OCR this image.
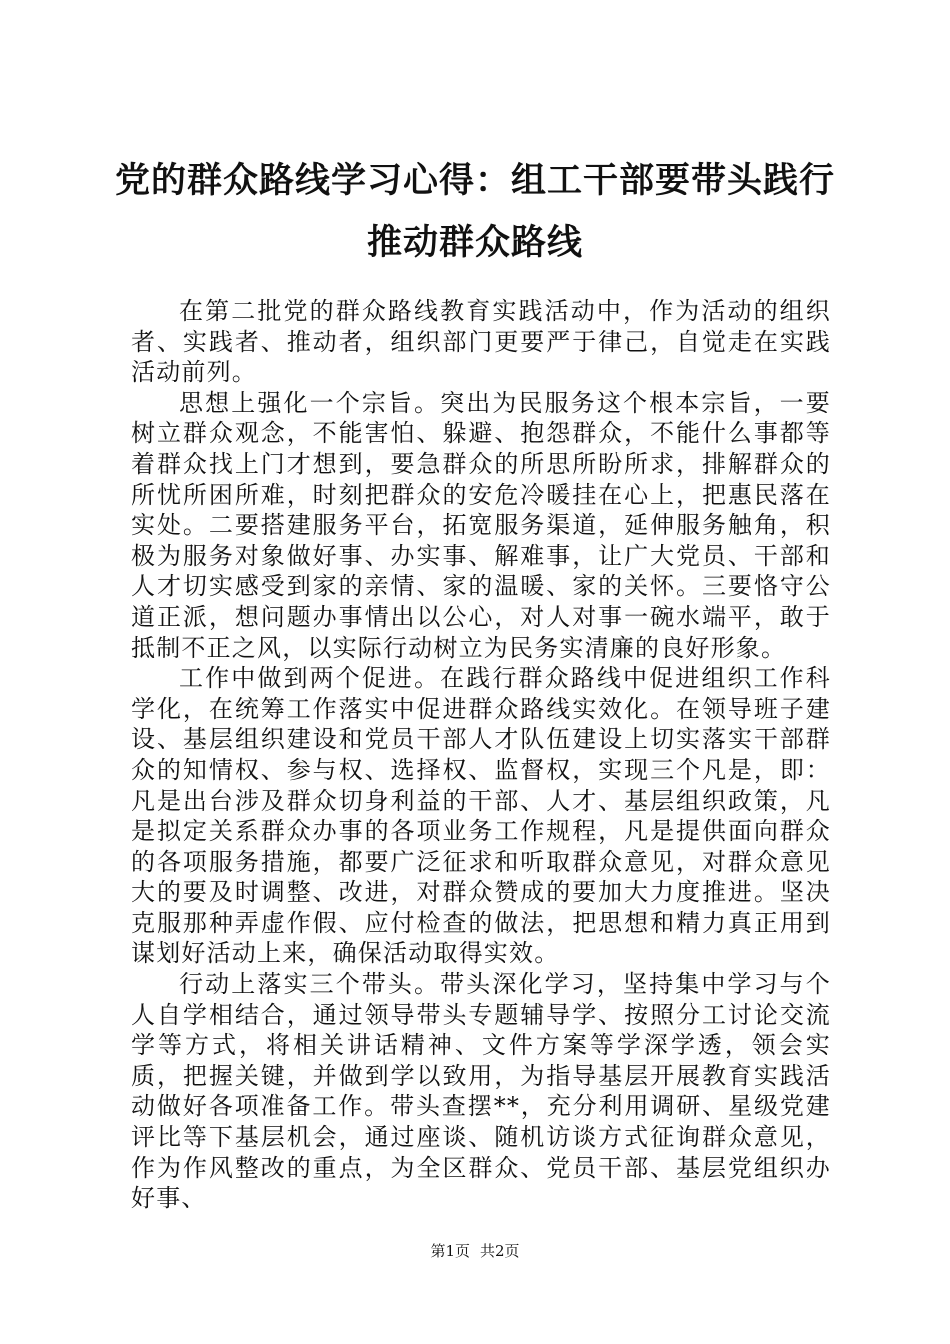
党的群众路线学习心得：组工干部要带头践行
推动群众路线

在第二批党的群众路线教育实践活动中，作为活动的组织者、实践者、推动者，组织部门更要严于律己，自觉走在实践活动前列。

思想上强化一个宗旨。突出为民服务这个根本宗旨，一要树立群众观念，不能害怕、躲避、抱怨群众，不能什么事都等着群众找上门才想到，要急群众的所思所盼所求，排解群众的所忧所困所难，时刻把群众的安危冷暖挂在心上，把惠民落在实处。二要搭建服务平台，拓宽服务渠道，延伸服务触角，积极为服务对象做好事、办实事、解难事，让广大党员、干部和人才切实感受到家的亲情、家的温暖、家的关怀。三要恪守公道正派，想问题办事情出以公心，对人对事一碗水端平，敢于抵制不正之风，以实际行动树立为民务实清廉的良好形象。

工作中做到两个促进。在践行群众路线中促进组织工作科学化，在统筹工作落实中促进群众路线实效化。在领导班子建设、基层组织建设和党员干部人才队伍建设上切实落实干部群众的知情权、参与权、选择权、监督权，实现三个凡是，即：凡是出台涉及群众切身利益的干部、人才、基层组织政策，凡是拟定关系群众办事的各项业务工作规程，凡是提供面向群众的各项服务措施，都要广泛征求和听取群众意见，对群众意见大的要及时调整、改进，对群众赞成的要加大力度推进。坚决克服那种弄虚作假、应付检查的做法，把思想和精力真正用到谋划好活动上来，确保活动取得实效。

行动上落实三个带头。带头深化学习，坚持集中学习与个人自学相结合，通过领导带头专题辅导学、按照分工讨论交流学等方式，将相关讲话精神、文件方案等学深学透，领会实质，把握关键，并做到学以致用，为指导基层开展教育实践活动做好各项准备工作。带头查摆**，充分利用调研、星级党建评比等下基层机会，通过座谈、随机访谈方式征询群众意见，作为作风整改的重点，为全区群众、党员干部、基层党组织办好事、

第1页 共2页
